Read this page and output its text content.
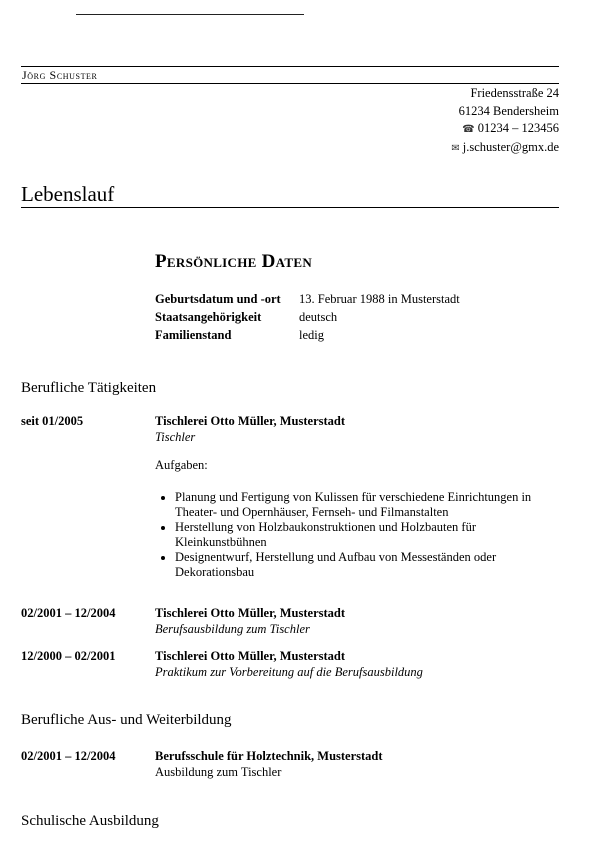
Jörg Schuster
Friedensstraße 24
61234 Bendersheim
☎ 01234 – 123456
✉ j.schuster@gmx.de
Lebenslauf
Persönliche Daten
Geburtsdatum und -ort	13. Februar 1988 in Musterstadt
Staatsangehörigkeit	deutsch
Familienstand	ledig
Berufliche Tätigkeiten
seit 01/2005	Tischlerei Otto Müller, Musterstadt
Tischler
Aufgaben:
• Planung und Fertigung von Kulissen für verschiedene Einrichtungen in Theater- und Opernhäuser, Fernseh- und Filmanstalten
• Herstellung von Holzbaukonstruktionen und Holzbauten für Kleinkunstbühnen
• Designentwurf, Herstellung und Aufbau von Messeständen oder Dekorationsbau
02/2001 – 12/2004	Tischlerei Otto Müller, Musterstadt
Berufsausbildung zum Tischler
12/2000 – 02/2001	Tischlerei Otto Müller, Musterstadt
Praktikum zur Vorbereitung auf die Berufsausbildung
Berufliche Aus- und Weiterbildung
02/2001 – 12/2004	Berufsschule für Holztechnik, Musterstadt
Ausbildung zum Tischler
Schulische Ausbildung
